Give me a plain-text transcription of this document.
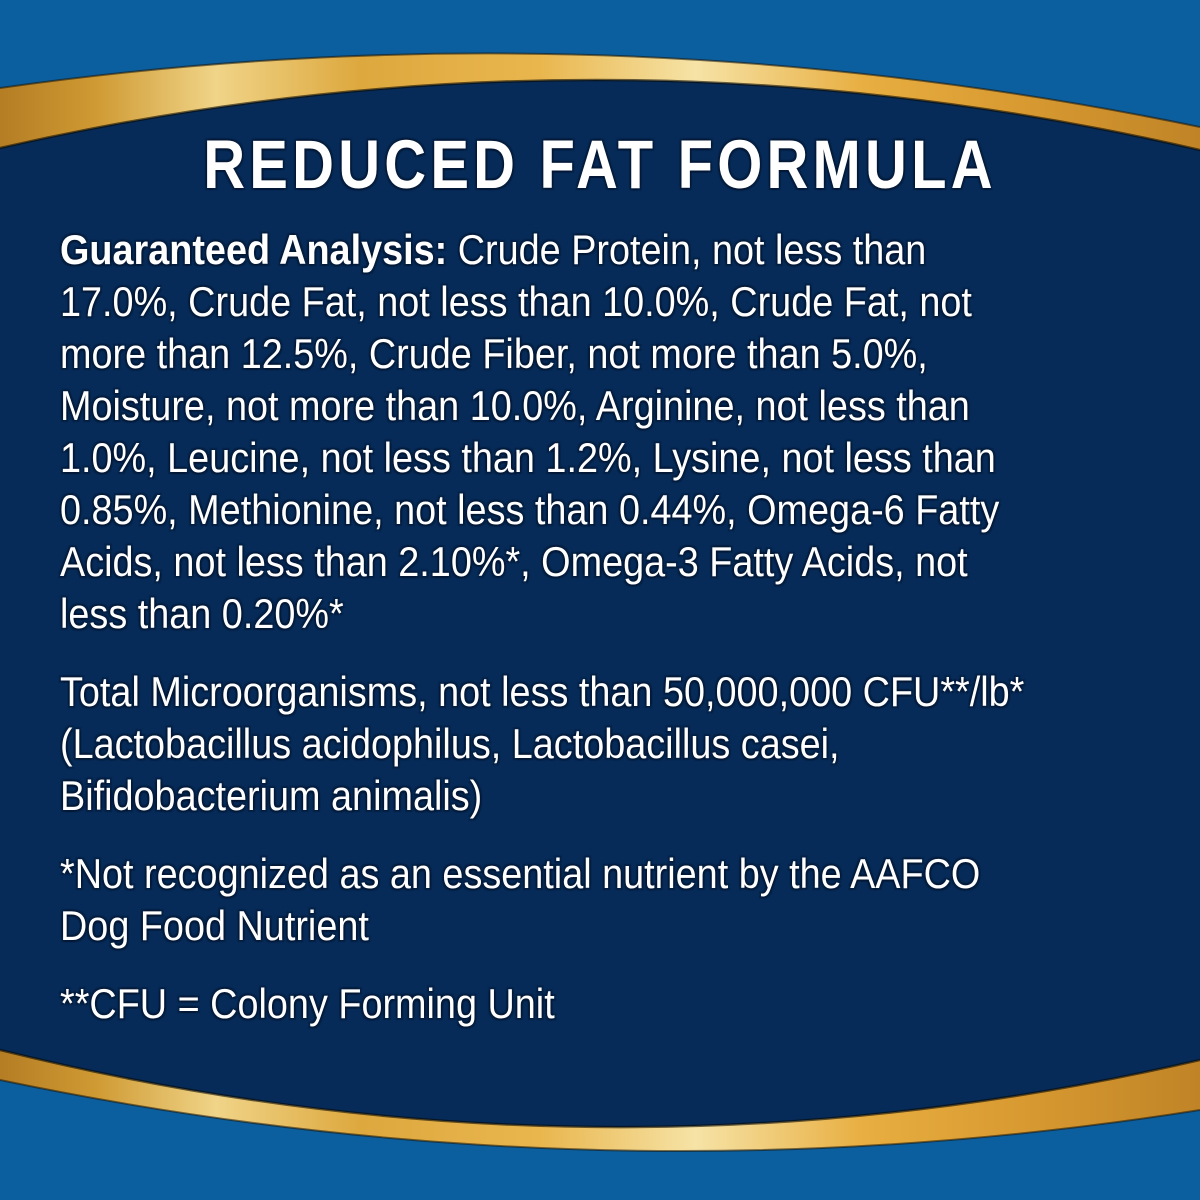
REDUCED FAT FORMULA
Guaranteed Analysis: Crude Protein, not less than
17.0%, Crude Fat, not less than 10.0%, Crude Fat, not
more than 12.5%, Crude Fiber, not more than 5.0%,
Moisture, not more than 10.0%, Arginine, not less than
1.0%, Leucine, not less than 1.2%, Lysine, not less than
0.85%, Methionine, not less than 0.44%, Omega-6 Fatty
Acids, not less than 2.10%*, Omega-3 Fatty Acids, not
less than 0.20%*
Total Microorganisms, not less than 50,000,000 CFU**/lb*
(Lactobacillus acidophilus, Lactobacillus casei,
Bifidobacterium animalis)
*Not recognized as an essential nutrient by the AAFCO
Dog Food Nutrient
**CFU = Colony Forming Unit
